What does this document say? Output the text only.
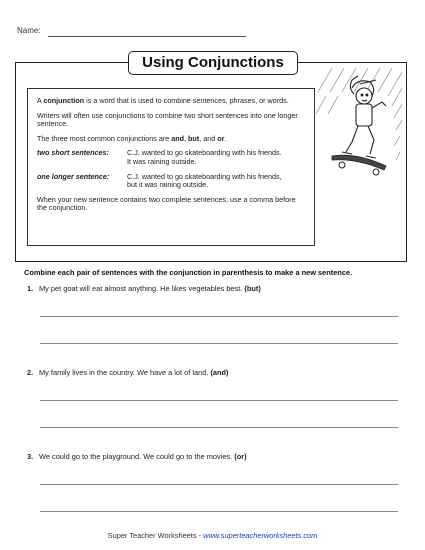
Name:
Using Conjunctions

A conjunction is a word that is used to combine sentences, phrases, or words.

Writers will often use conjunctions to combine two short sentences into one longer sentence.

The three most common conjunctions are and, but, and or.

two short sentences:	C.J. wanted to go skateboarding with his friends.
It was raining outside.
one longer sentence:	C.J. wanted to go skateboarding with his friends,
but it was raining outside.

When your new sentence contains two complete sentences, use a comma before the conjunction.

Combine each pair of sentences with the conjunction in parenthesis to make a new sentence.
1. My pet goat will eat almost anything. He likes vegetables best. (but)
2. My family lives in the country. We have a lot of land. (and)
3. We could go to the playground. We could go to the movies. (or)
Super Teacher Worksheets - www.superteacherworksheets.com
